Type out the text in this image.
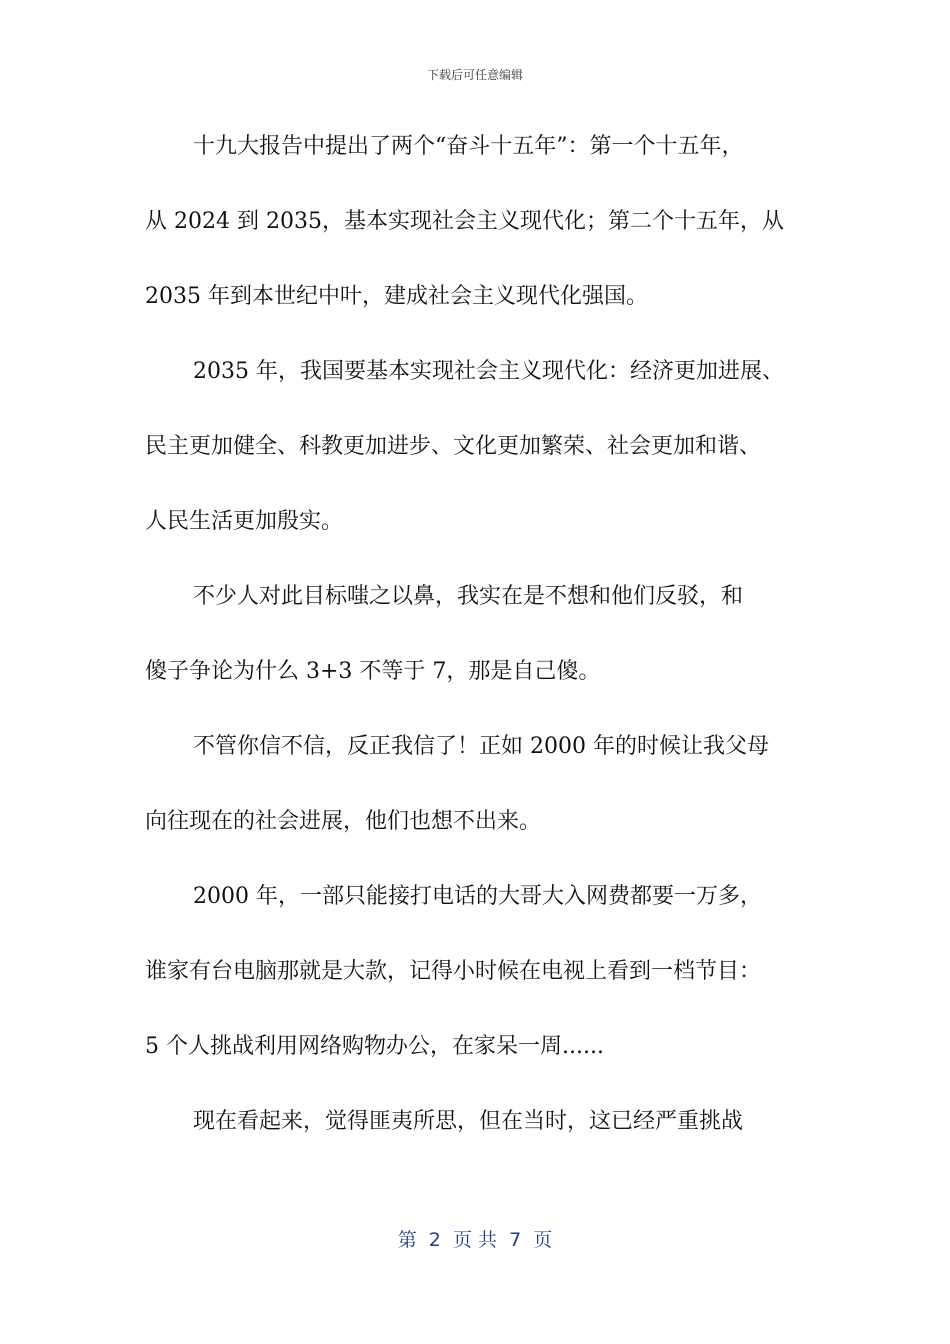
下载后可任意编辑
十九大报告中提出了两个“奋斗十五年”：第一个十五年，
从 2024 到 2035，基本实现社会主义现代化；第二个十五年，从
2035 年到本世纪中叶，建成社会主义现代化强国。
2035 年，我国要基本实现社会主义现代化：经济更加进展、
民主更加健全、科教更加进步、文化更加繁荣、社会更加和谐、
人民生活更加殷实。
不少人对此目标嗤之以鼻，我实在是不想和他们反驳，和
傻子争论为什么 3+3 不等于 7，那是自己傻。
不管你信不信，反正我信了！正如 2000 年的时候让我父母
向往现在的社会进展，他们也想不出来。
2000 年，一部只能接打电话的大哥大入网费都要一万多，
谁家有台电脑那就是大款，记得小时候在电视上看到一档节目：
5 个人挑战利用网络购物办公，在家呆一周......
现在看起来，觉得匪夷所思，但在当时，这已经严重挑战
第  2  页 共  7  页
